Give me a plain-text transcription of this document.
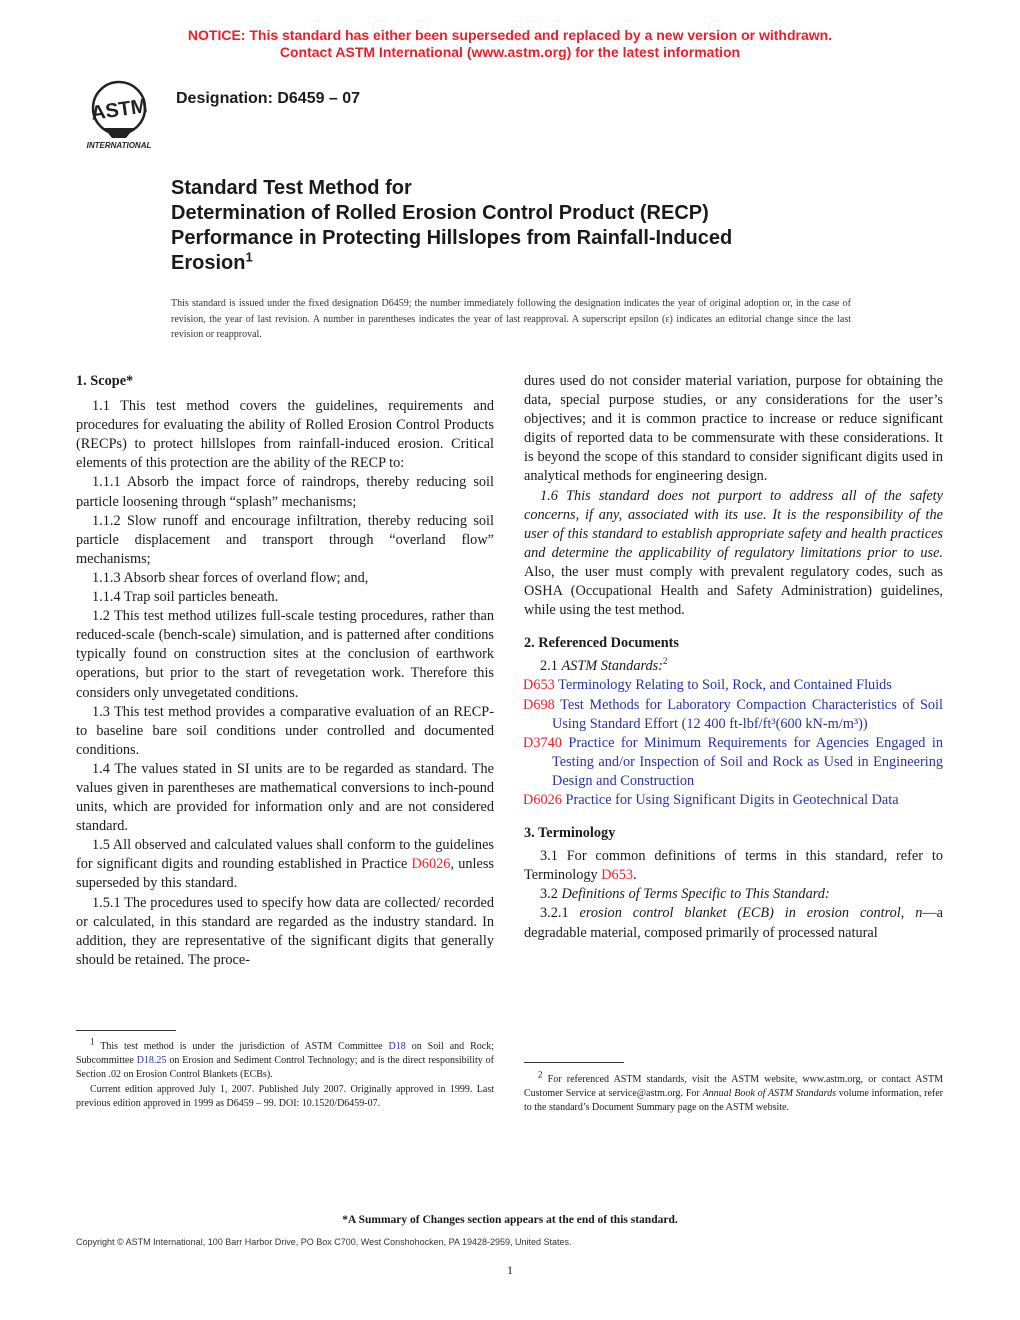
NOTICE: This standard has either been superseded and replaced by a new version or withdrawn.
Contact ASTM International (www.astm.org) for the latest information
ASTM
INTERNATIONAL
Designation: D6459 – 07
Standard Test Method for
Determination of Rolled Erosion Control Product (RECP)
Performance in Protecting Hillslopes from Rainfall-Induced
Erosion$^1$
This standard is issued under the fixed designation D6459; the number immediately following the designation indicates the year of original adoption or, in the case of revision, the year of last revision. A number in parentheses indicates the year of last reapproval. A superscript epsilon (ε) indicates an editorial change since the last revision or reapproval.
1. Scope*

1.1 This test method covers the guidelines, requirements and procedures for evaluating the ability of Rolled Erosion Control Products (RECPs) to protect hillslopes from rainfall-induced erosion. Critical elements of this protection are the ability of the RECP to:

1.1.1 Absorb the impact force of raindrops, thereby reducing soil particle loosening through “splash” mechanisms;

1.1.2 Slow runoff and encourage infiltration, thereby reducing soil particle displacement and transport through “overland flow” mechanisms;

1.1.3 Absorb shear forces of overland flow; and,

1.1.4 Trap soil particles beneath.

1.2 This test method utilizes full-scale testing procedures, rather than reduced-scale (bench-scale) simulation, and is patterned after conditions typically found on construction sites at the conclusion of earthwork operations, but prior to the start of revegetation work. Therefore this considers only unvegetated conditions.

1.3 This test method provides a comparative evaluation of an RECP-to baseline bare soil conditions under controlled and documented conditions.

1.4 The values stated in SI units are to be regarded as standard. The values given in parentheses are mathematical conversions to inch-pound units, which are provided for information only and are not considered standard.

1.5 All observed and calculated values shall conform to the guidelines for significant digits and rounding established in Practice D6026, unless superseded by this standard.

1.5.1 The procedures used to specify how data are collected/ recorded or calculated, in this standard are regarded as the industry standard. In addition, they are representative of the significant digits that generally should be retained. The proce-

$^1$ This test method is under the jurisdiction of ASTM Committee D18 on Soil and Rock; Subcommittee D18.25 on Erosion and Sediment Control Technology; and is the direct responsibility of Section .02 on Erosion Control Blankets (ECBs).

Current edition approved July 1, 2007. Published July 2007. Originally approved in 1999. Last previous edition approved in 1999 as D6459 – 99. DOI: 10.1520/D6459-07.

dures used do not consider material variation, purpose for obtaining the data, special purpose studies, or any considerations for the user’s objectives; and it is common practice to increase or reduce significant digits of reported data to be commensurate with these considerations. It is beyond the scope of this standard to consider significant digits used in analytical methods for engineering design.

1.6 This standard does not purport to address all of the safety concerns, if any, associated with its use. It is the responsibility of the user of this standard to establish appropriate safety and health practices and determine the applicability of regulatory limitations prior to use. Also, the user must comply with prevalent regulatory codes, such as OSHA (Occupational Health and Safety Administration) guidelines, while using the test method.

2. Referenced Documents

2.1 ASTM Standards:$^2$

D653 Terminology Relating to Soil, Rock, and Contained Fluids

D698 Test Methods for Laboratory Compaction Characteristics of Soil Using Standard Effort (12 400 ft-lbf/ft³(600 kN-m/m³))

D3740 Practice for Minimum Requirements for Agencies Engaged in Testing and/or Inspection of Soil and Rock as Used in Engineering Design and Construction

D6026 Practice for Using Significant Digits in Geotechnical Data

3. Terminology

3.1 For common definitions of terms in this standard, refer to Terminology D653.

3.2 Definitions of Terms Specific to This Standard:

3.2.1 erosion control blanket (ECB) in erosion control, n—a degradable material, composed primarily of processed natural

$^2$ For referenced ASTM standards, visit the ASTM website, www.astm.org, or contact ASTM Customer Service at service@astm.org. For Annual Book of ASTM Standards volume information, refer to the standard’s Document Summary page on the ASTM website.

*A Summary of Changes section appears at the end of this standard.
Copyright © ASTM International, 100 Barr Harbor Drive, PO Box C700, West Conshohocken, PA 19428-2959, United States.
1
